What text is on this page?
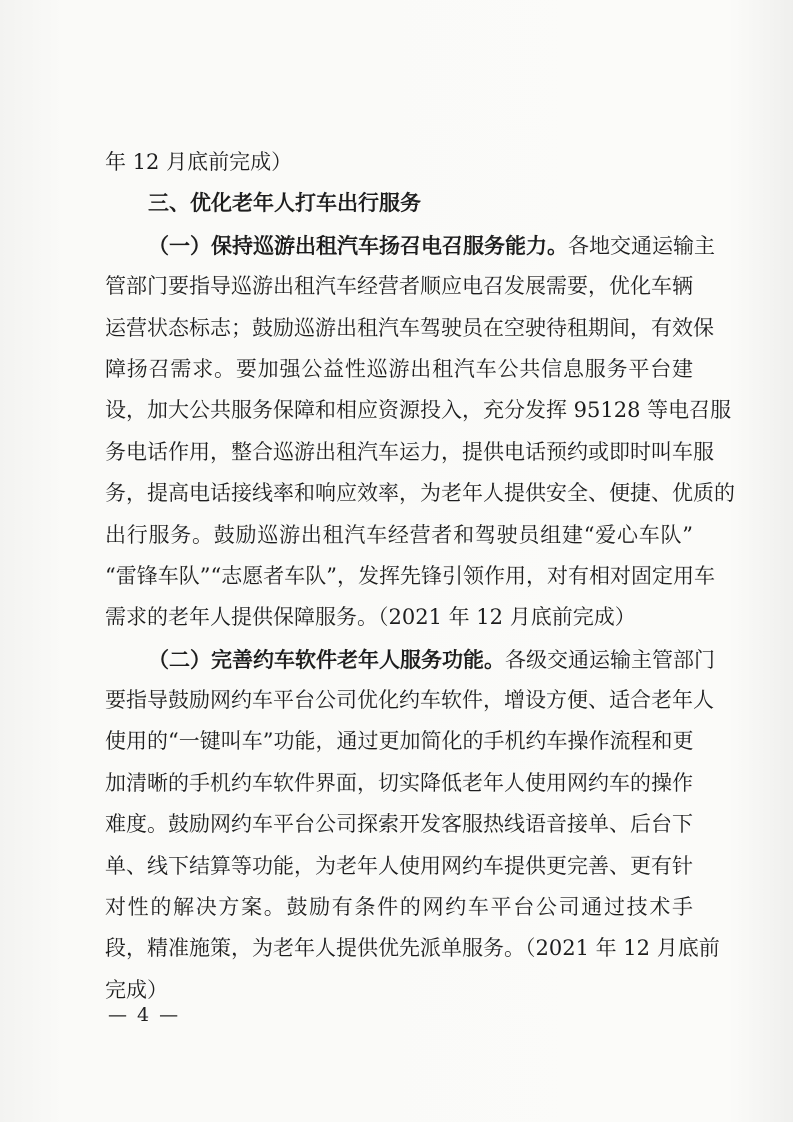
年 12 月底前完成）
三、优化老年人打车出行服务
（一）保持巡游出租汽车扬召电召服务能力。各地交通运输主
管部门要指导巡游出租汽车经营者顺应电召发展需要，优化车辆
运营状态标志；鼓励巡游出租汽车驾驶员在空驶待租期间，有效保
障扬召需求。要加强公益性巡游出租汽车公共信息服务平台建
设，加大公共服务保障和相应资源投入，充分发挥 95128 等电召服
务电话作用，整合巡游出租汽车运力，提供电话预约或即时叫车服
务，提高电话接线率和响应效率，为老年人提供安全、便捷、优质的
出行服务。鼓励巡游出租汽车经营者和驾驶员组建“爱心车队”
“雷锋车队”“志愿者车队”，发挥先锋引领作用，对有相对固定用车
需求的老年人提供保障服务。（2021 年 12 月底前完成）
（二）完善约车软件老年人服务功能。各级交通运输主管部门
要指导鼓励网约车平台公司优化约车软件，增设方便、适合老年人
使用的“一键叫车”功能，通过更加简化的手机约车操作流程和更
加清晰的手机约车软件界面，切实降低老年人使用网约车的操作
难度。鼓励网约车平台公司探索开发客服热线语音接单、后台下
单、线下结算等功能，为老年人使用网约车提供更完善、更有针
对性的解决方案。鼓励有条件的网约车平台公司通过技术手
段，精准施策，为老年人提供优先派单服务。（2021 年 12 月底前
完成）
— 4 —
